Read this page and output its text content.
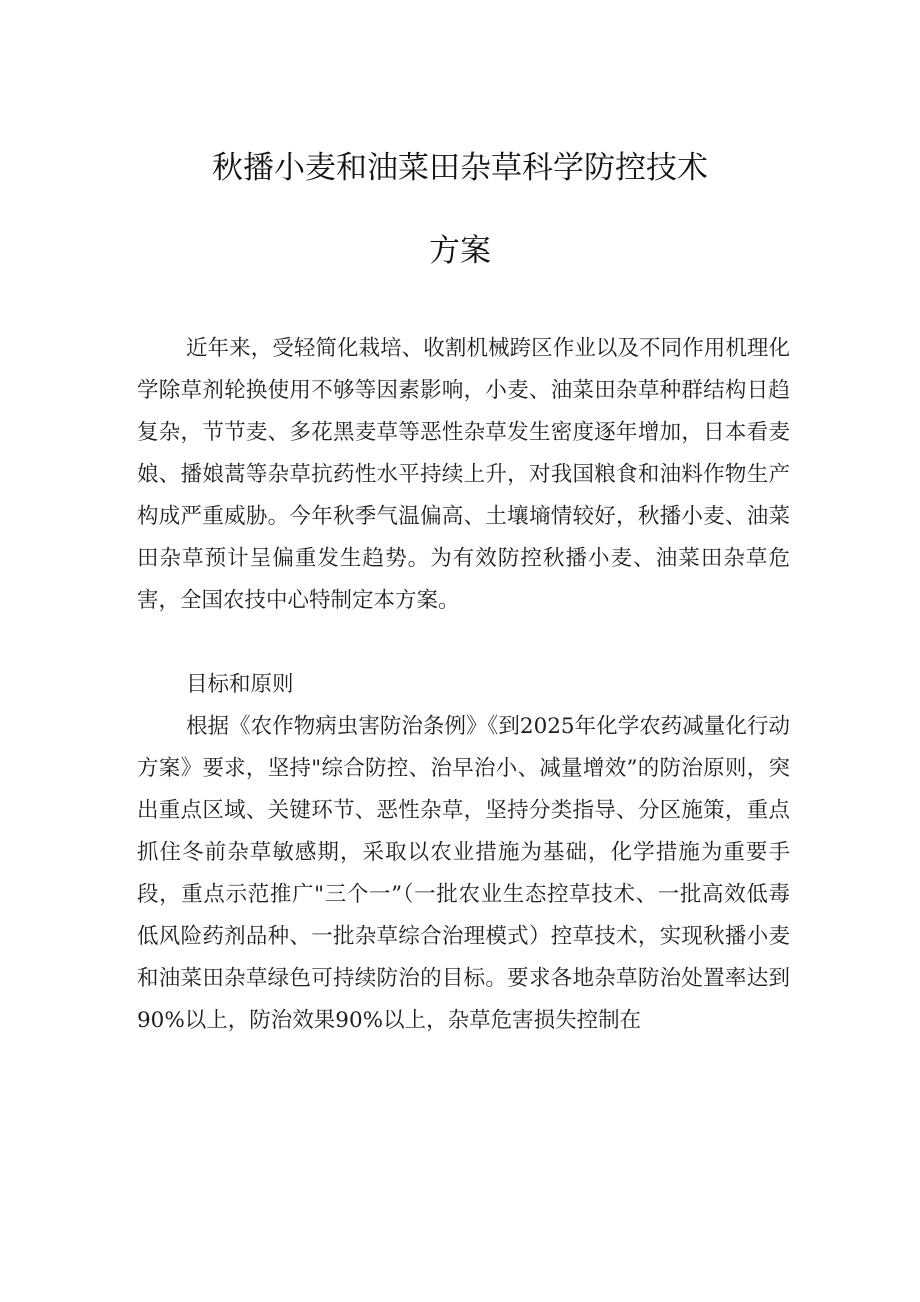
秋播小麦和油菜田杂草科学防控技术
方案

近年来，受轻简化栽培、收割机械跨区作业以及不同作用机理化学除草剂轮换使用不够等因素影响，小麦、油菜田杂草种群结构日趋复杂，节节麦、多花黑麦草等恶性杂草发生密度逐年增加，日本看麦娘、播娘蒿等杂草抗药性水平持续上升，对我国粮食和油料作物生产构成严重威胁。今年秋季气温偏高、土壤墒情较好，秋播小麦、油菜田杂草预计呈偏重发生趋势。为有效防控秋播小麦、油菜田杂草危害，全国农技中心特制定本方案。

目标和原则

根据《农作物病虫害防治条例》《到2025年化学农药减量化行动方案》要求，坚持"综合防控、治早治小、减量增效”的防治原则，突出重点区域、关键环节、恶性杂草，坚持分类指导、分区施策，重点抓住冬前杂草敏感期，采取以农业措施为基础，化学措施为重要手段，重点示范推广"三个一”（一批农业生态控草技术、一批高效低毒低风险药剂品种、一批杂草综合治理模式）控草技术，实现秋播小麦和油菜田杂草绿色可持续防治的目标。要求各地杂草防治处置率达到90%以上，防治效果90%以上，杂草危害损失控制在
